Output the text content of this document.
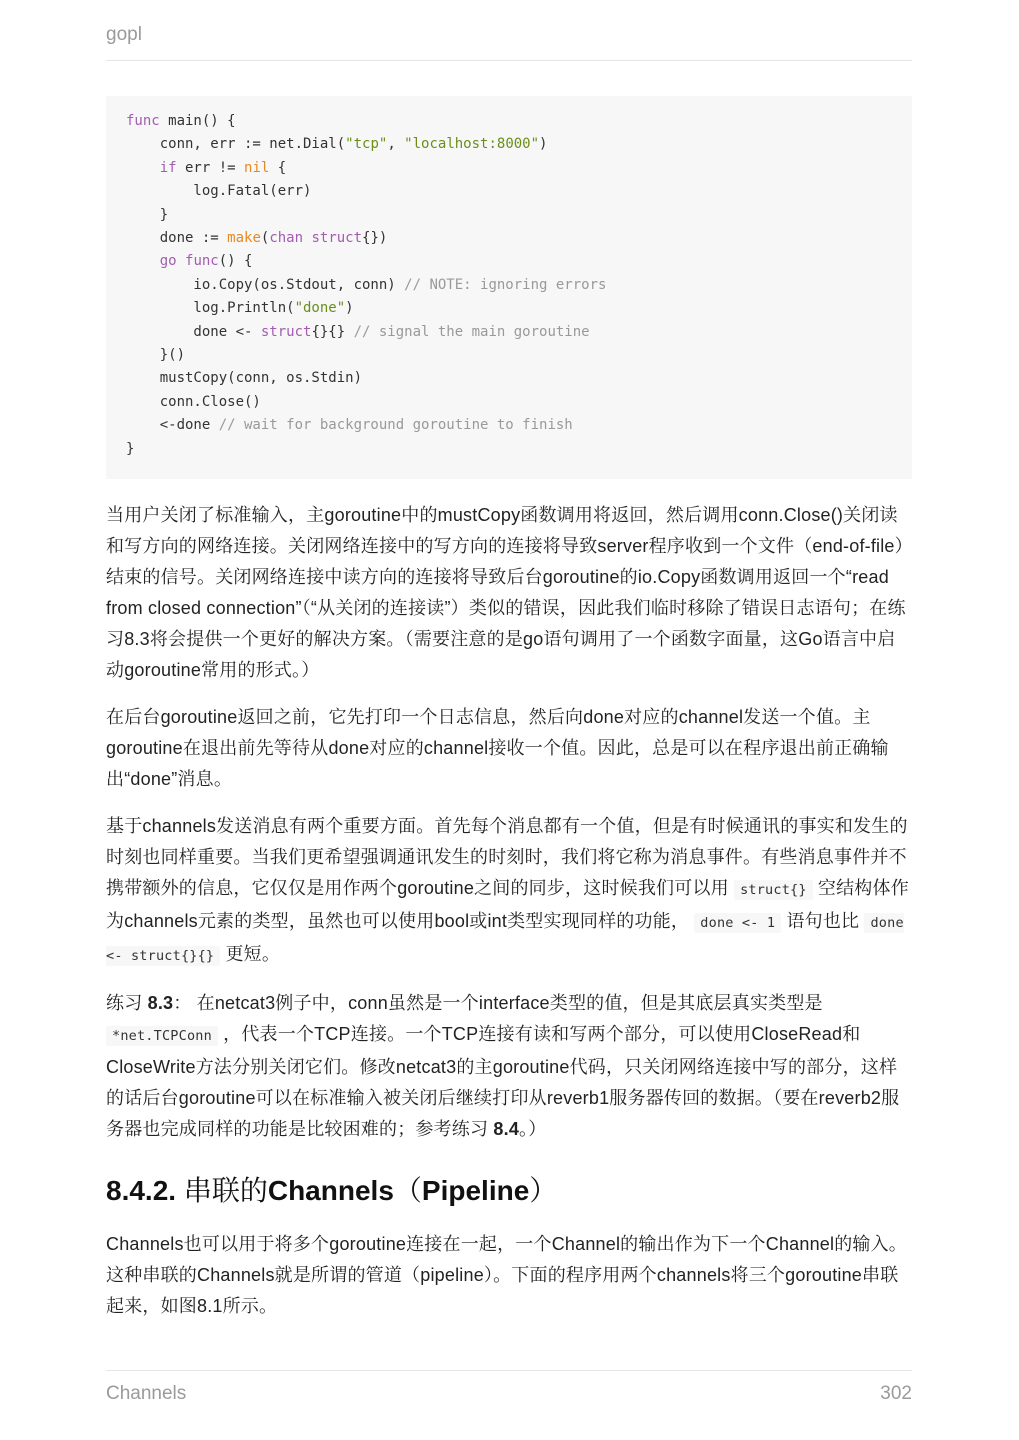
gopl
func main() {
conn, err := net.Dial("tcp", "localhost:8000")
if err != nil {
log.Fatal(err)
}
done := make(chan struct{})
go func() {
io.Copy(os.Stdout, conn) // NOTE: ignoring errors
log.Println("done")
done <- struct{}{} // signal the main goroutine
}()
mustCopy(conn, os.Stdin)
conn.Close()
<-done // wait for background goroutine to finish
}

当用户关闭了标准输入，主goroutine中的mustCopy函数调用将返回，然后调用conn.Close()关闭读和写方向的网络连接。关闭网络连接中的写方向的连接将导致server程序收到一个文件（end-of-file）结束的信号。关闭网络连接中读方向的连接将导致后台goroutine的io.Copy函数调用返回一个“read from closed connection”（“从关闭的连接读”）类似的错误，因此我们临时移除了错误日志语句；在练习8.3将会提供一个更好的解决方案。（需要注意的是go语句调用了一个函数字面量，这Go语言中启动goroutine常用的形式。）

在后台goroutine返回之前，它先打印一个日志信息，然后向done对应的channel发送一个值。主goroutine在退出前先等待从done对应的channel接收一个值。因此，总是可以在程序退出前正确输出“done”消息。

基于channels发送消息有两个重要方面。首先每个消息都有一个值，但是有时候通讯的事实和发生的时刻也同样重要。当我们更希望强调通讯发生的时刻时，我们将它称为消息事件。有些消息事件并不携带额外的信息，它仅仅是用作两个goroutine之间的同步，这时候我们可以用 struct{} 空结构体作为channels元素的类型，虽然也可以使用bool或int类型实现同样的功能， done <- 1 语句也比 done <- struct{}{} 更短。

练习 8.3： 在netcat3例子中，conn虽然是一个interface类型的值，但是其底层真实类型是 *net.TCPConn ，代表一个TCP连接。一个TCP连接有读和写两个部分，可以使用CloseRead和CloseWrite方法分别关闭它们。修改netcat3的主goroutine代码，只关闭网络连接中写的部分，这样的话后台goroutine可以在标准输入被关闭后继续打印从reverb1服务器传回的数据。（要在reverb2服务器也完成同样的功能是比较困难的；参考练习 8.4。）

8.4.2. 串联的Channels（Pipeline）

Channels也可以用于将多个goroutine连接在一起，一个Channel的输出作为下一个Channel的输入。这种串联的Channels就是所谓的管道（pipeline）。下面的程序用两个channels将三个goroutine串联起来，如图8.1所示。

Channels	302
